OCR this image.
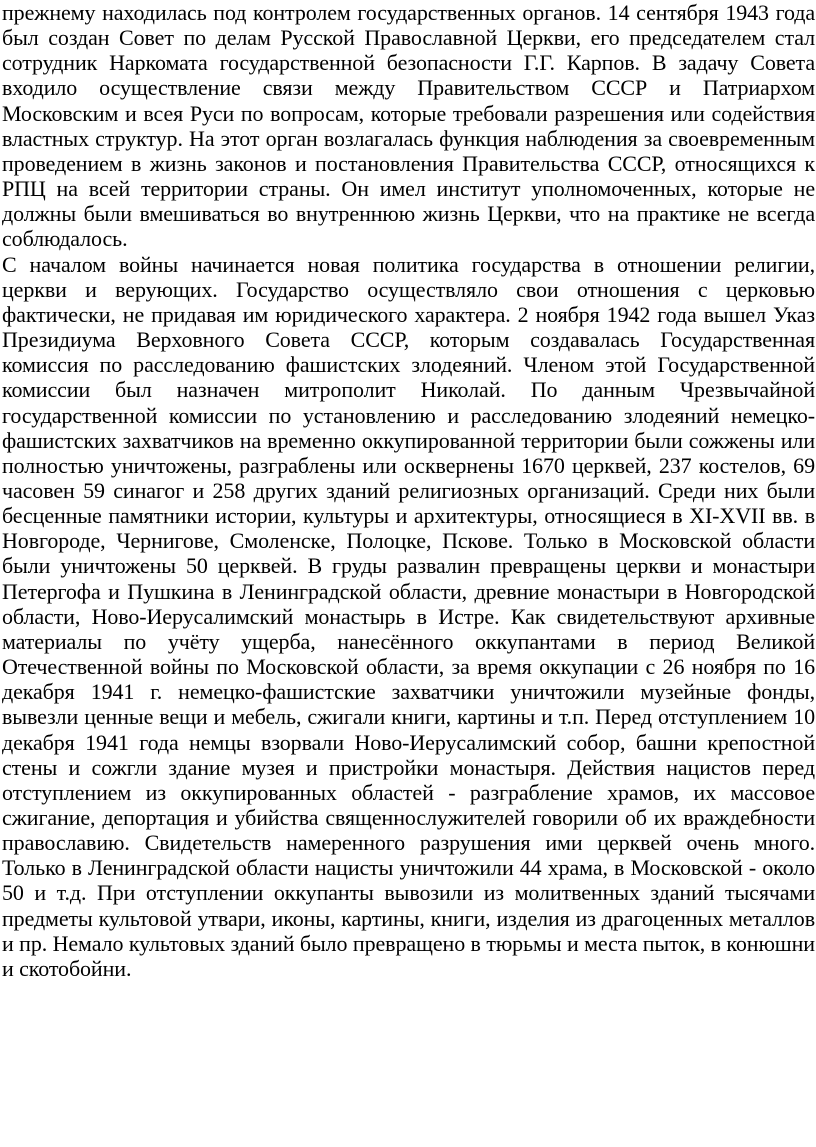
прежнему находилась под контролем государственных органов. 14 сентября 1943 года был создан Совет по делам Русской Православной Церкви, его председателем стал сотрудник Наркомата государственной безопасности Г.Г. Карпов. В задачу Совета входило осуществление связи между Правительством СССР и Патриархом Московским и всея Руси по вопросам, которые требовали разрешения или содействия властных структур. На этот орган возлагалась функция наблюдения за своевременным проведением в жизнь законов и постановления Правительства СССР, относящихся к РПЦ на всей территории страны. Он имел институт уполномоченных, которые не должны были вмешиваться во внутреннюю жизнь Церкви, что на практике не всегда соблюдалось.

С началом войны начинается новая политика государства в отношении религии, церкви и верующих. Государство осуществляло свои отношения с церковью фактически, не придавая им юридического характера. 2 ноября 1942 года вышел Указ Президиума Верховного Совета СССР, которым создавалась Государственная комиссия по расследованию фашистских злодеяний. Членом этой Государственной комиссии был назначен митрополит Николай. По данным Чрезвычайной государственной комиссии по установлению и расследованию злодеяний немецко-фашистских захватчиков на временно оккупированной территории были сожжены или полностью уничтожены, разграблены или осквернены 1670 церквей, 237 костелов, 69 часовен 59 синагог и 258 других зданий религиозных организаций. Среди них были бесценные памятники истории, культуры и архитектуры, относящиеся в XI-XVII вв. в Новгороде, Чернигове, Смоленске, Полоцке, Пскове. Только в Московской области были уничтожены 50 церквей. В груды развалин превращены церкви и монастыри Петергофа и Пушкина в Ленинградской области, древние монастыри в Новгородской области, Ново-Иерусалимский монастырь в Истре. Как свидетельствуют архивные материалы по учёту ущерба, нанесённого оккупантами в период Великой Отечественной войны по Московской области, за время оккупации с 26 ноября по 16 декабря 1941 г. немецко-фашистские захватчики уничтожили музейные фонды, вывезли ценные вещи и мебель, сжигали книги, картины и т.п. Перед отступлением 10 декабря 1941 года немцы взорвали Ново-Иерусалимский собор, башни крепостной стены и сожгли здание музея и пристройки монастыря. Действия нацистов перед отступлением из оккупированных областей - разграбление храмов, их массовое сжигание, депортация и убийства священнослужителей говорили об их враждебности православию. Свидетельств намеренного разрушения ими церквей очень много. Только в Ленинградской области нацисты уничтожили 44 храма, в Московской - около 50 и т.д. При отступлении оккупанты вывозили из молитвенных зданий тысячами предметы культовой утвари, иконы, картины, книги, изделия из драгоценных металлов и пр. Немало культовых зданий было превращено в тюрьмы и места пыток, в конюшни и скотобойни.
